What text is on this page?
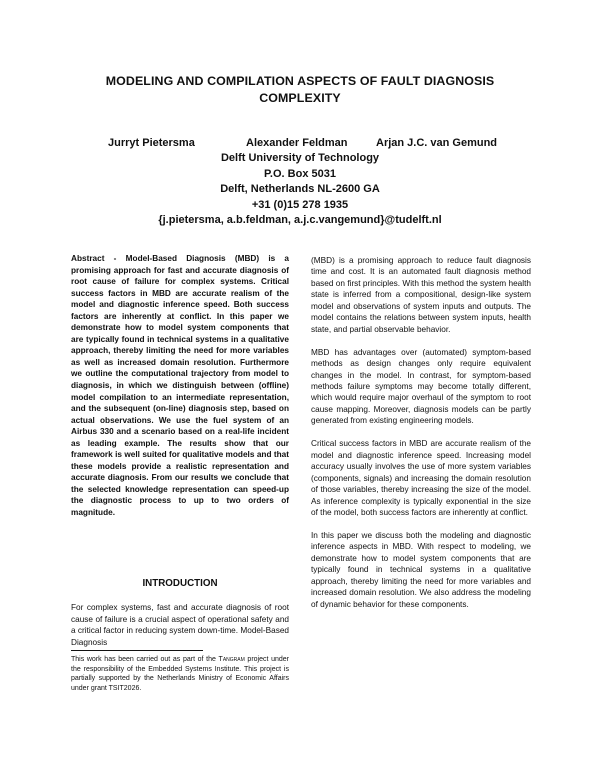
MODELING AND COMPILATION ASPECTS OF FAULT DIAGNOSIS COMPLEXITY
Jurryt Pietersma	Alexander Feldman	Arjan J.C. van Gemund
Delft University of Technology
P.O. Box 5031
Delft, Netherlands NL-2600 GA
+31 (0)15 278 1935
{j.pietersma, a.b.feldman, a.j.c.vangemund}@tudelft.nl

Abstract - Model-Based Diagnosis (MBD) is a promising approach for fast and accurate diagnosis of root cause of failure for complex systems. Critical success factors in MBD are accurate realism of the model and diagnostic inference speed. Both success factors are inherently at conflict. In this paper we demonstrate how to model system components that are typically found in technical systems in a qualitative approach, thereby limiting the need for more variables as well as increased domain resolution. Furthermore we outline the computational trajectory from model to diagnosis, in which we distinguish between (offline) model compilation to an intermediate representation, and the subsequent (on-line) diagnosis step, based on actual observations. We use the fuel system of an Airbus 330 and a scenario based on a real-life incident as leading example. The results show that our framework is well suited for qualitative models and that these models provide a realistic representation and accurate diagnosis. From our results we conclude that the selected knowledge representation can speed-up the diagnostic process to up to two orders of magnitude.

INTRODUCTION
For complex systems, fast and accurate diagnosis of root cause of failure is a crucial aspect of operational safety and a critical factor in reducing system down-time. Model-Based Diagnosis
This work has been carried out as part of the Tangram project under the responsibility of the Embedded Systems Institute. This project is partially supported by the Netherlands Ministry of Economic Affairs under grant TSIT2026.

(MBD) is a promising approach to reduce fault diagnosis time and cost. It is an automated fault diagnosis method based on first principles. With this method the system health state is inferred from a compositional, design-like system model and observations of system inputs and outputs. The model contains the relations between system inputs, health state, and partial observable behavior.

MBD has advantages over (automated) symptom-based methods as design changes only require equivalent changes in the model. In contrast, for symptom-based methods failure symptoms may become totally different, which would require major overhaul of the symptom to root cause mapping. Moreover, diagnosis models can be partly generated from existing engineering models.

Critical success factors in MBD are accurate realism of the model and diagnostic inference speed. Increasing model accuracy usually involves the use of more system variables (components, signals) and increasing the domain resolution of those variables, thereby increasing the size of the model. As inference complexity is typically exponential in the size of the model, both success factors are inherently at conflict.

In this paper we discuss both the modeling and diagnostic inference aspects in MBD. With respect to modeling, we demonstrate how to model system components that are typically found in technical systems in a qualitative approach, thereby limiting the need for more variables and increased domain resolution. We also address the modeling of dynamic behavior for these components.
